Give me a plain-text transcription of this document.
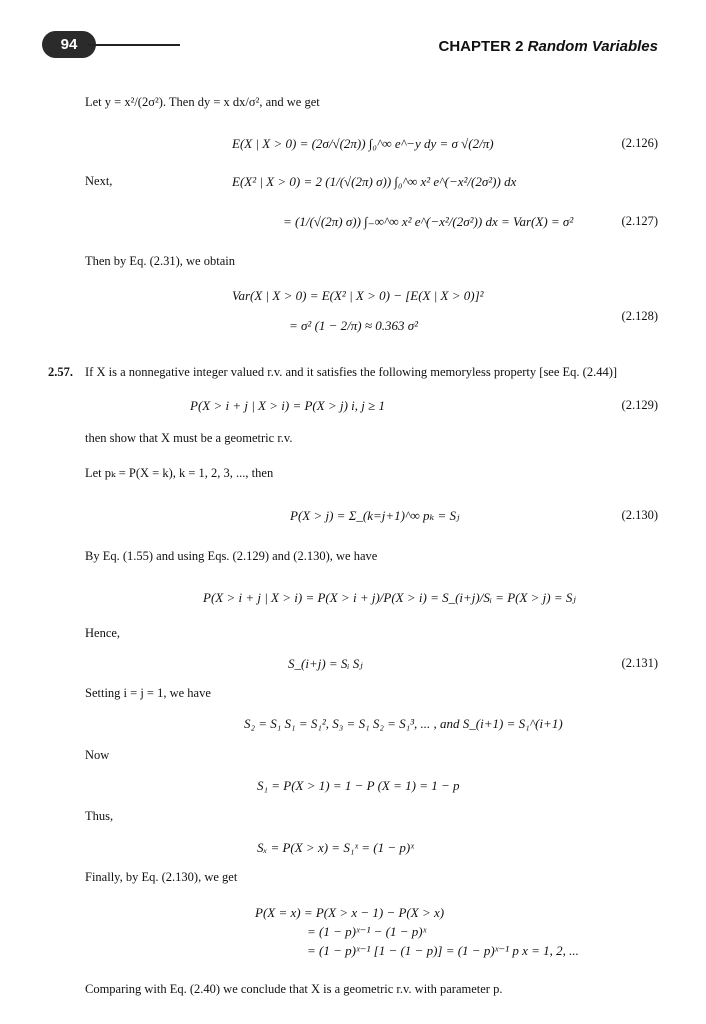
94	CHAPTER 2 Random Variables
Let y = x²/(2σ²). Then dy = x dx/σ², and we get
E(X | X > 0) = (2σ/√(2π)) ∫₀^∞ e^−y dy = σ √(2/π)	(2.126)
Next,	E(X² | X > 0) = 2 (1/(√(2π) σ)) ∫₀^∞ x² e^(−x²/(2σ²)) dx
= (1/(√(2π) σ)) ∫₋∞^∞ x² e^(−x²/(2σ²)) dx = Var(X) = σ²	(2.127)
Then by Eq. (2.31), we obtain
Var(X | X > 0) = E(X² | X > 0) − [E(X | X > 0)]²
= σ² (1 − 2/π) ≈ 0.363 σ²
(2.128)
2.57. If X is a nonnegative integer valued r.v. and it satisfies the following memoryless property [see Eq. (2.44)]
P(X > i + j | X > i) = P(X > j) i, j ≥ 1	(2.129)
then show that X must be a geometric r.v.
Let pₖ = P(X = k), k = 1, 2, 3, ..., then
P(X > j) = Σ_(k=j+1)^∞ pₖ = Sⱼ	(2.130)
By Eq. (1.55) and using Eqs. (2.129) and (2.130), we have
P(X > i + j | X > i) = P(X > i + j)/P(X > i) = S_(i+j)/Sᵢ = P(X > j) = Sⱼ
Hence,
S_(i+j) = Sᵢ Sⱼ	(2.131)
Setting i = j = 1, we have
S₂ = S₁ S₁ = S₁², S₃ = S₁ S₂ = S₁³, ... , and S_(i+1) = S₁^(i+1)
Now
S₁ = P(X > 1) = 1 − P (X = 1) = 1 − p
Thus,
Sₓ = P(X > x) = S₁ˣ = (1 − p)ˣ
Finally, by Eq. (2.130), we get
P(X = x) = P(X > x − 1) − P(X > x)
= (1 − p)ˣ⁻¹ − (1 − p)ˣ
= (1 − p)ˣ⁻¹ [1 − (1 − p)] = (1 − p)ˣ⁻¹ p x = 1, 2, ...
Comparing with Eq. (2.40) we conclude that X is a geometric r.v. with parameter p.
